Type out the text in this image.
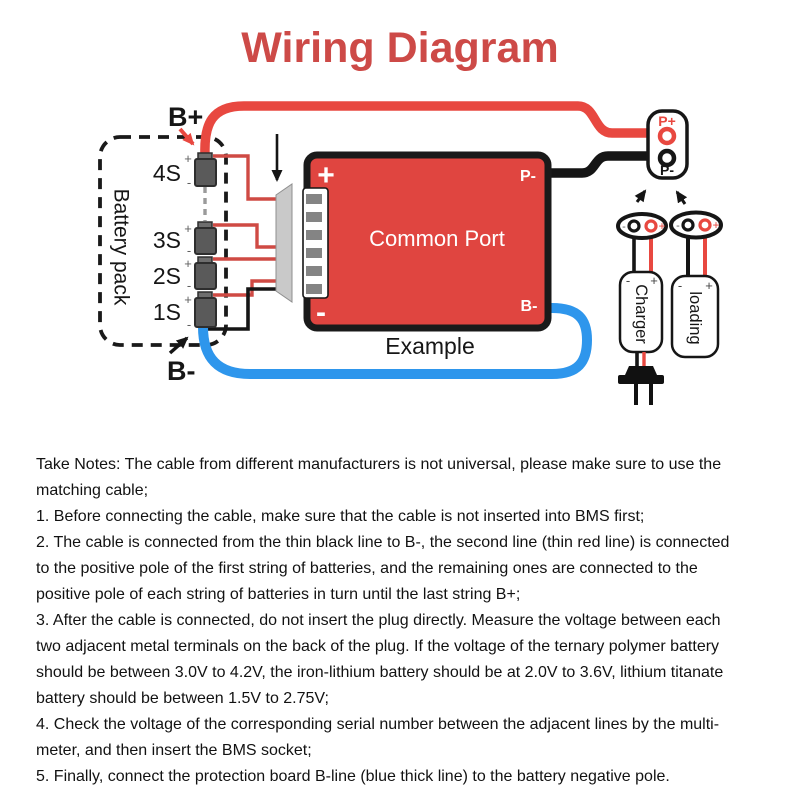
Wiring Diagram
Battery pack
+
-
4S
+
-
3S
+
-
2S
+
-
1S
B+
B-
+	P-
Common Port
B-
-
Example
P+
P-
-	+
- +
Charger
-	+
- +
loading
Take Notes: The cable from different manufacturers is not universal, please make sure to use the
matching cable;
1. Before connecting the cable, make sure that the cable is not inserted into BMS first;
2. The cable is connected from the thin black line to B-, the second line (thin red line) is connected
to the positive pole of the first string of batteries, and the remaining ones are connected to the
positive pole of each string of batteries in turn until the last string B+;
3. After the cable is connected, do not insert the plug directly. Measure the voltage between each
two adjacent metal terminals on the back of the plug. If the voltage of the ternary polymer battery
should be between 3.0V to 4.2V, the iron-lithium battery should be at 2.0V to 3.6V, lithium titanate
battery should be between 1.5V to 2.75V;
4. Check the voltage of the corresponding serial number between the adjacent lines by the multi-
meter, and then insert the BMS socket;
5. Finally, connect the protection board B-line (blue thick line) to the battery negative pole.
